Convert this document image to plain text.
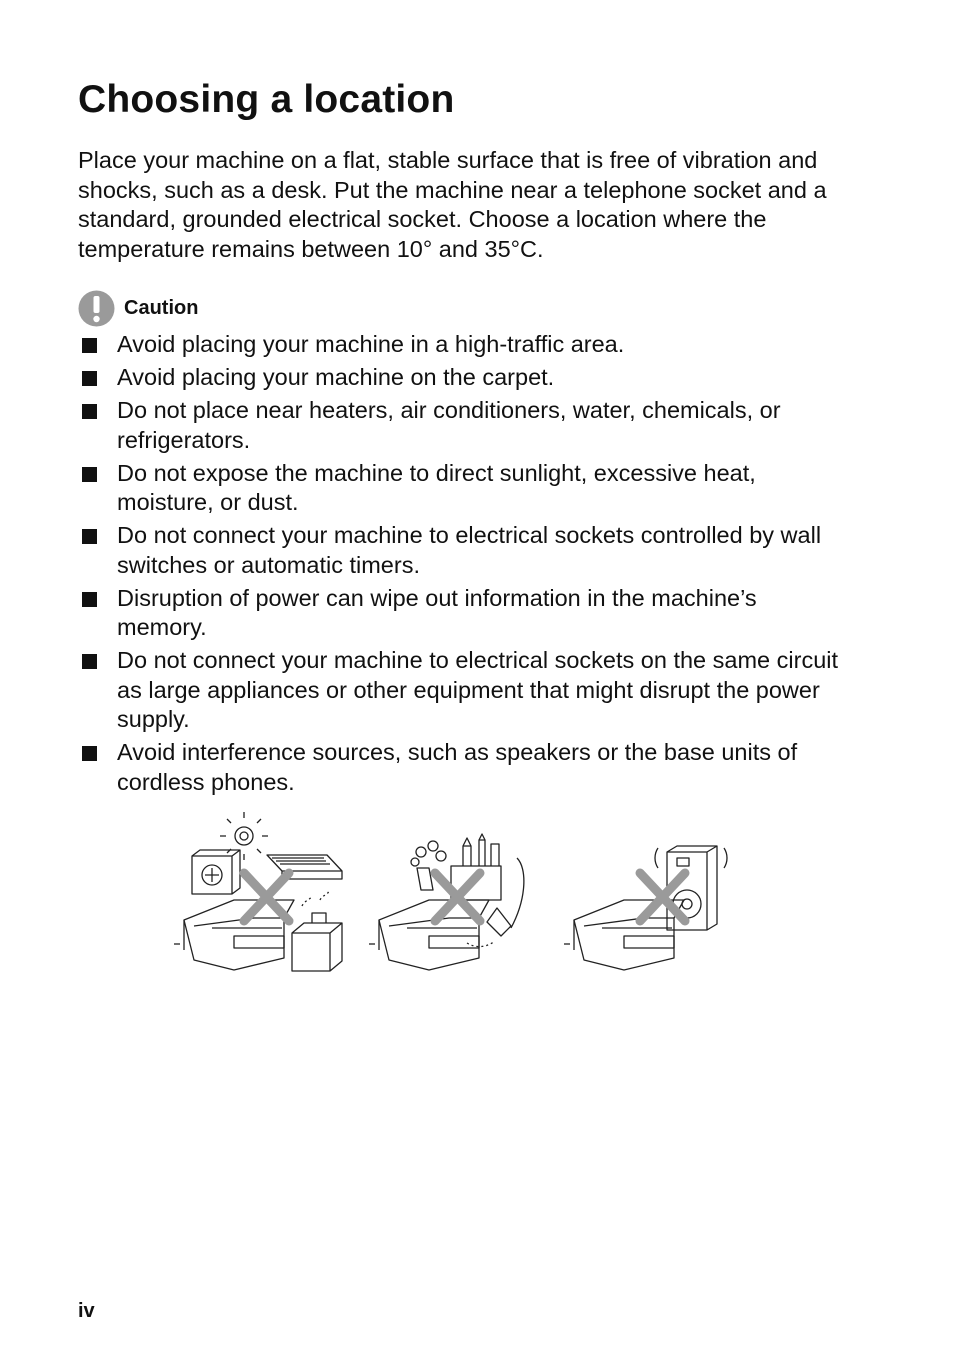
Choosing a location

Place your machine on a flat, stable surface that is free of vibration and shocks, such as a desk. Put the machine near a telephone socket and a standard, grounded electrical socket. Choose a location where the temperature remains between 10° and 35°C.

Caution
Avoid placing your machine in a high-traffic area.
Avoid placing your machine on the carpet.
Do not place near heaters, air conditioners, water, chemicals, or refrigerators.
Do not expose the machine to direct sunlight, excessive heat, moisture, or dust.
Do not connect your machine to electrical sockets controlled by wall switches or automatic timers.
Disruption of power can wipe out information in the machine’s memory.
Do not connect your machine to electrical sockets on the same circuit as large appliances or other equipment that might disrupt the power supply.
Avoid interference sources, such as speakers or the base units of cordless phones.
iv
